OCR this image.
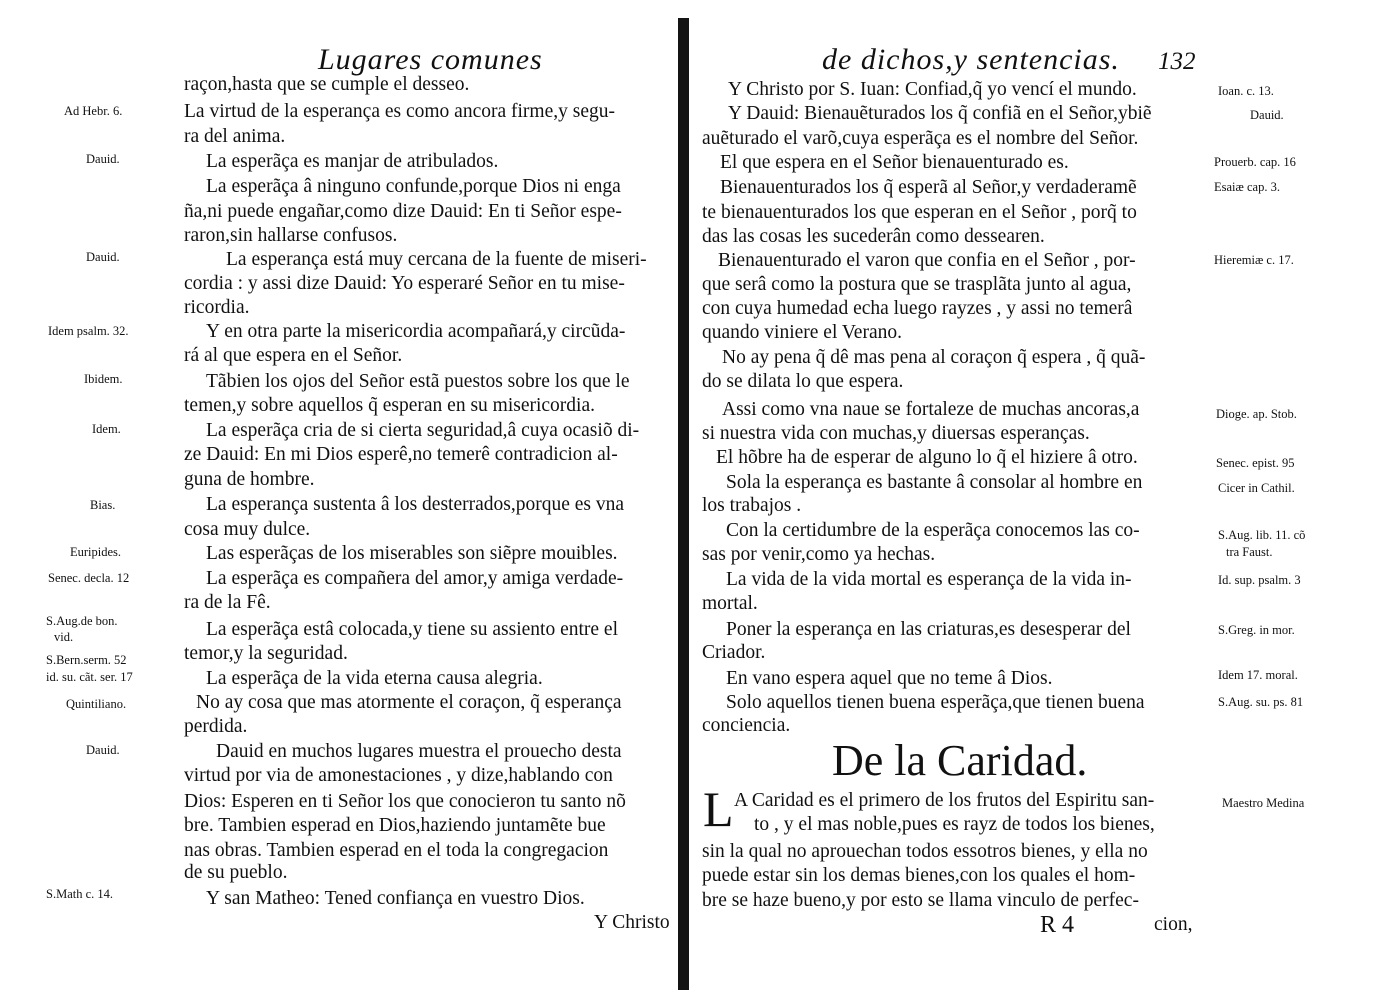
Lugares comunes
raçon,hasta que se cumple el desseo.
La virtud de la esperança es como ancora firme,y segu-
ra del anima.
La esperãça es manjar de atribulados.
La esperãça â ninguno confunde,porque Dios ni enga
ña,ni puede engañar,como dize Dauid: En ti Señor espe-
raron,sin hallarse confusos.
La esperança está muy cercana de la fuente de miseri-
cordia : y assi dize Dauid: Yo esperaré Señor en tu mise-
ricordia.
Y en otra parte la misericordia acompañará,y circũda-
rá al que espera en el Señor.
Tãbien los ojos del Señor estã puestos sobre los que le
temen,y sobre aquellos q̃ esperan en su misericordia.
La esperãça cria de si cierta seguridad,â cuya ocasiõ di-
ze Dauid: En mi Dios esperê,no temerê contradicion al-
guna de hombre.
La esperança sustenta â los desterrados,porque es vna
cosa muy dulce.
Las esperãças de los miserables son siẽpre mouibles.
La esperãça es compañera del amor,y amiga verdade-
ra de la Fê.
La esperãça estâ colocada,y tiene su assiento entre el
temor,y la seguridad.
La esperãça de la vida eterna causa alegria.
No ay cosa que mas atormente el coraçon, q̃ esperança
perdida.
Dauid en muchos lugares muestra el prouecho desta
virtud por via de amonestaciones , y dize,hablando con
Dios: Esperen en ti Señor los que conocieron tu santo nõ
bre. Tambien esperad en Dios,haziendo juntamẽte bue
nas obras. Tambien esperad en el toda la congregacion
de su pueblo.
Y san Matheo: Tened confiança en vuestro Dios.
Y Christo
Ad Hebr. 6.
Dauid.
Dauid.
Idem psalm. 32.
Ibidem.
Idem.
Bias.
Euripides.
Senec. decla. 12
S.Aug.de bon.
vid.
S.Bern.serm. 52
id. su. cãt. ser. 17
Quintiliano.
Dauid.
S.Math c. 14.
de dichos,y sentencias. 132
Y Christo por S. Iuan: Confiad,q̃ yo vencí el mundo.
Y Dauid: Bienauẽturados los q̃ confiã en el Señor,ybiẽ
auẽturado el varõ,cuya esperãça es el nombre del Señor.
El que espera en el Señor bienauenturado es.
Bienauenturados los q̃ esperã al Señor,y verdaderamẽ
te bienauenturados los que esperan en el Señor , porq̃ to
das las cosas les sucederân como dessearen.
Bienauenturado el varon que confia en el Señor , por-
que serâ como la postura que se trasplãta junto al agua,
con cuya humedad echa luego rayzes , y assi no temerâ
quando viniere el Verano.
No ay pena q̃ dê mas pena al coraçon q̃ espera , q̃ quã-
do se dilata lo que espera.
Assi como vna naue se fortaleze de muchas ancoras,a
si nuestra vida con muchas,y diuersas esperanças.
El hõbre ha de esperar de alguno lo q̃ el hiziere â otro.
Sola la esperança es bastante â consolar al hombre en
los trabajos .
Con la certidumbre de la esperãça conocemos las co-
sas por venir,como ya hechas.
La vida de la vida mortal es esperança de la vida in-
mortal.
Poner la esperança en las criaturas,es desesperar del
Criador.
En vano espera aquel que no teme â Dios.
Solo aquellos tienen buena esperãça,que tienen buena
conciencia.
Ioan. c. 13.
Dauid.
Prouerb. cap. 16
Esaiæ cap. 3.
Hieremiæ c. 17.
Dioge. ap. Stob.
Senec. epist. 95
Cicer in Cathil.
S.Aug. lib. 11. cõ
tra Faust.
Id. sup. psalm. 3
S.Greg. in mor.
Idem 17. moral.
S.Aug. su. ps. 81
Maestro Medina
De la Caridad.
L A Caridad es el primero de los frutos del Espiritu san-
to , y el mas noble,pues es rayz de todos los bienes,
sin la qual no aprouechan todos essotros bienes, y ella no
puede estar sin los demas bienes,con los quales el hom-
bre se haze bueno,y por esto se llama vinculo de perfec-
cion,
R 4
